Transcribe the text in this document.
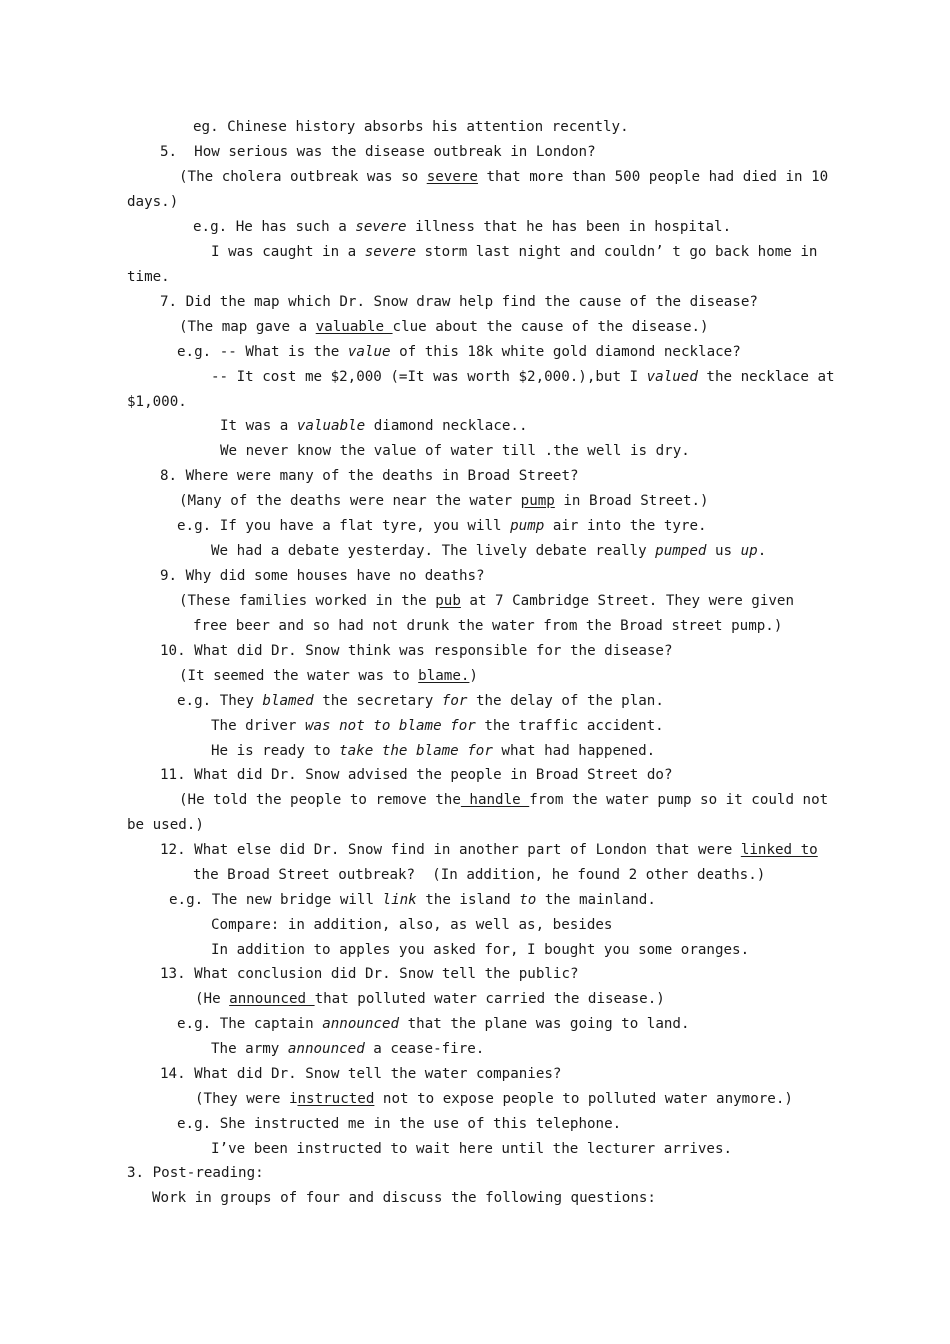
eg. Chinese history absorbs his attention recently.
5.  How serious was the disease outbreak in London?
(The cholera outbreak was so severe that more than 500 people had died in 10
days.)
e.g. He has such a severe illness that he has been in hospital.
I was caught in a severe storm last night and couldn’ t go back home in
time.
7. Did the map which Dr. Snow draw help find the cause of the disease?
(The map gave a valuable clue about the cause of the disease.)
e.g. -- What is the value of this 18k white gold diamond necklace?
-- It cost me $2,000 (=It was worth $2,000.),but I valued the necklace at
$1,000.
It was a valuable diamond necklace..
We never know the value of water till .the well is dry.
8. Where were many of the deaths in Broad Street?
(Many of the deaths were near the water pump in Broad Street.)
e.g. If you have a flat tyre, you will pump air into the tyre.
We had a debate yesterday. The lively debate really pumped us up.
9. Why did some houses have no deaths?
(These families worked in the pub at 7 Cambridge Street. They were given
free beer and so had not drunk the water from the Broad street pump.)
10. What did Dr. Snow think was responsible for the disease?
(It seemed the water was to blame.)
e.g. They blamed the secretary for the delay of the plan.
The driver was not to blame for the traffic accident.
He is ready to take the blame for what had happened.
11. What did Dr. Snow advised the people in Broad Street do?
(He told the people to remove the handle from the water pump so it could not
be used.)
12. What else did Dr. Snow find in another part of London that were linked to
the Broad Street outbreak?  (In addition, he found 2 other deaths.)
e.g. The new bridge will link the island to the mainland.
Compare: in addition, also, as well as, besides
In addition to apples you asked for, I bought you some oranges.
13. What conclusion did Dr. Snow tell the public?
(He announced that polluted water carried the disease.)
e.g. The captain announced that the plane was going to land.
The army announced a cease-fire.
14. What did Dr. Snow tell the water companies?
(They were instructed not to expose people to polluted water anymore.)
e.g. She instructed me in the use of this telephone.
I’ve been instructed to wait here until the lecturer arrives.
3. Post-reading:
Work in groups of four and discuss the following questions:
